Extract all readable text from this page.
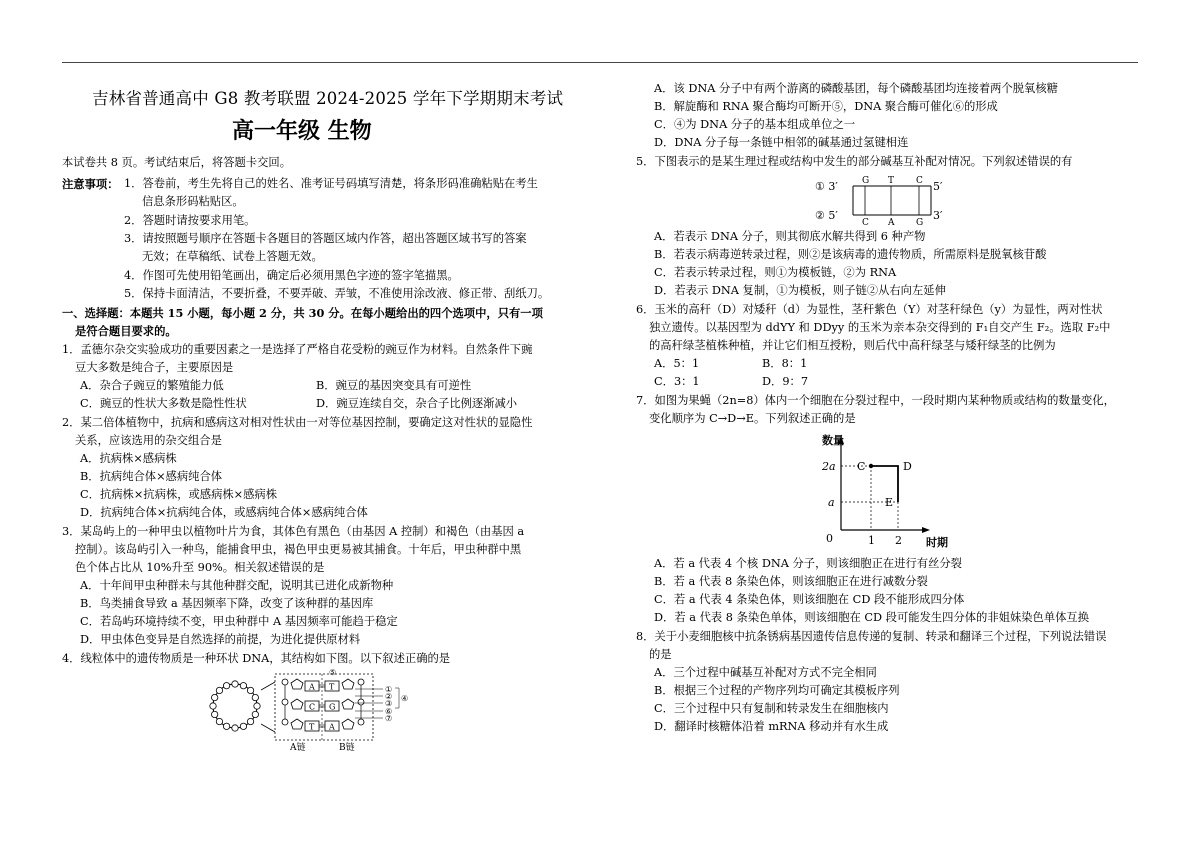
吉林省普通高中 G8 教考联盟 2024-2025 学年下学期期末考试
高一年级 生物
本试卷共 8 页。考试结束后，将答题卡交回。
注意事项： 1．答卷前，考生先将自己的姓名、准考证号码填写清楚，将条形码准确粘贴在考生
信息条形码粘贴区。
2．答题时请按要求用笔。
3．请按照题号顺序在答题卡各题目的答题区域内作答，超出答题区域书写的答案
无效；在草稿纸、试卷上答题无效。
4．作图可先使用铅笔画出，确定后必须用黑色字迹的签字笔描黑。
5．保持卡面清洁，不要折叠，不要弄破、弄皱，不准使用涂改液、修正带、刮纸刀。
一、选择题：本题共 15 小题，每小题 2 分，共 30 分。在每小题给出的四个选项中，只有一项
是符合题目要求的。
1．孟德尔杂交实验成功的重要因素之一是选择了严格自花受粉的豌豆作为材料。自然条件下豌
豆大多数是纯合子，主要原因是
A．杂合子豌豆的繁殖能力低	B．豌豆的基因突变具有可逆性
C．豌豆的性状大多数是隐性性状	D．豌豆连续自交，杂合子比例逐渐减小
2．某二倍体植物中，抗病和感病这对相对性状由一对等位基因控制，要确定这对性状的显隐性
关系，应该选用的杂交组合是
A．抗病株×感病株
B．抗病纯合体×感病纯合体
C．抗病株×抗病株，或感病株×感病株
D．抗病纯合体×抗病纯合体，或感病纯合体×感病纯合体
3．某岛屿上的一种甲虫以植物叶片为食，其体色有黑色（由基因 A 控制）和褐色（由基因 a
控制）。该岛屿引入一种鸟，能捕食甲虫，褐色甲虫更易被其捕食。十年后，甲虫种群中黑
色个体占比从 10%升至 90%。相关叙述错误的是
A．十年间甲虫种群未与其他种群交配，说明其已进化成新物种
B．鸟类捕食导致 a 基因频率下降，改变了该种群的基因库
C．若岛屿环境持续不变，甲虫种群中 A 基因频率可能趋于稳定
D．甲虫体色变异是自然选择的前提，为进化提供原材料
4．线粒体中的遗传物质是一种环状 DNA，其结构如下图。以下叙述正确的是
A T
C G
T A
A链	B链
⑤
①
②
③
⑥
⑦
④
A．该 DNA 分子中有两个游离的磷酸基团，每个磷酸基团均连接着两个脱氧核糖
B．解旋酶和 RNA 聚合酶均可断开⑤，DNA 聚合酶可催化⑥的形成
C．④为 DNA 分子的基本组成单位之一
D．DNA 分子每一条链中相邻的碱基通过氢键相连
5．下图表示的是某生理过程或结构中发生的部分碱基互补配对情况。下列叙述错误的有
A．若表示 DNA 分子，则其彻底水解共得到 6 种产物
B．若表示病毒逆转录过程，则②是该病毒的遗传物质，所需原料是脱氧核苷酸
C．若表示转录过程，则①为模板链，②为 RNA
D．若表示 DNA 复制，①为模板，则子链②从右向左延伸
6．玉米的高秆（D）对矮秆（d）为显性，茎秆紫色（Y）对茎秆绿色（y）为显性，两对性状
独立遗传。以基因型为 ddYY 和 DDyy 的玉米为亲本杂交得到的 F₁自交产生 F₂。选取 F₂中
的高秆绿茎植株种植，并让它们相互授粉，则后代中高秆绿茎与矮秆绿茎的比例为
A．5：1	B．8：1
C．3：1	D．9：7
7．如图为果蝇（2n=8）体内一个细胞在分裂过程中，一段时期内某种物质或结构的数量变化，
变化顺序为 C→D→E。下列叙述正确的是
A．若 a 代表 4 个核 DNA 分子，则该细胞正在进行有丝分裂
B．若 a 代表 8 条染色体，则该细胞正在进行减数分裂
C．若 a 代表 4 条染色体，则该细胞在 CD 段不能形成四分体
D．若 a 代表 8 条染色单体，则该细胞在 CD 段可能发生四分体的非姐妹染色单体互换
8．关于小麦细胞核中抗条锈病基因遗传信息传递的复制、转录和翻译三个过程，下列说法错误
的是
A．三个过程中碱基互补配对方式不完全相同
B．根据三个过程的产物序列均可确定其模板序列
C．三个过程中只有复制和转录发生在细胞核内
D．翻译时核糖体沿着 mRNA 移动并有水生成
① 3′	5′
② 5′	3′
G
C
T
A
C
G
数量
时期
2a
a
0	1 2
C	D
E
